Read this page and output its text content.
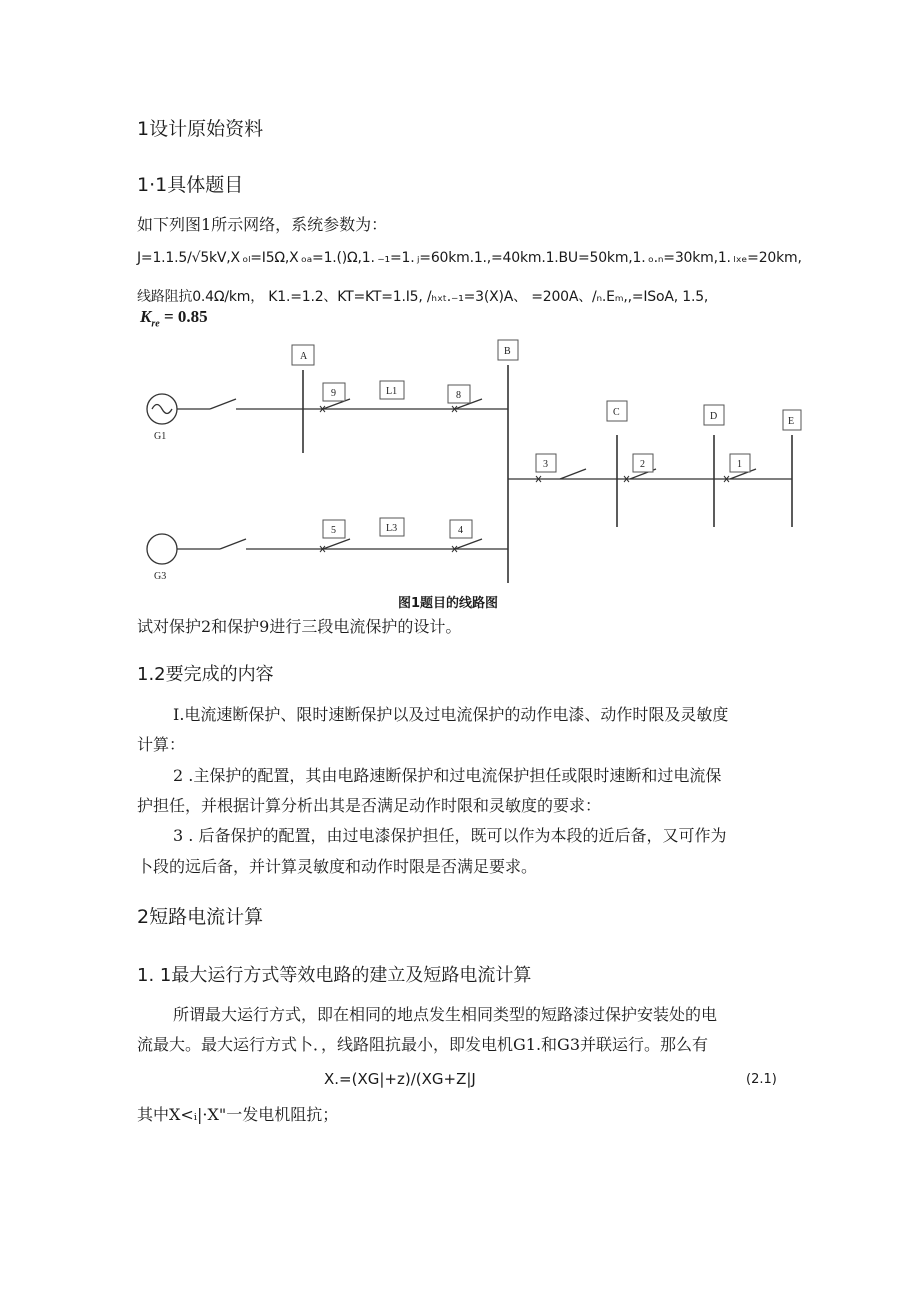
1设计原始资料
1·1具体题目
如下列图1所示网络，系统参数为：
J=1.1.5/√5kV,X ₒₗ=I5Ω,X ₒₐ=1.()Ω,1. ₋₁=1. ⱼ=60km.1.,=40km.1.BU=50km,1. ₒ.ₙ=30km,1. ₗₓₑ=20km,
线路阻抗0.4Ω/km， K1.=1.2、KT=KT=1.I5, /ₕₓₜ.₋₁=3(X)A、 =200A、/ₙ.Eₘ,,=ISoA, 1.5,
$K_{re} = 0.85$
A	B
C	D	E
9	8
3	2	1
5	4
L1
L3
G1
G3
图1题目的线路图
试对保护2和保护9进行三段电流保护的设计。
1.2要完成的内容
I.电流速断保护、限时速断保护以及过电流保护的动作电漆、动作时限及灵敏度
计算：
2 .主保护的配置，其由电路速断保护和过电流保护担任或限时速断和过电流保
护担任，并根据计算分析出其是否满足动作时限和灵敏度的要求：
3 . 后备保护的配置，由过电漆保护担任，既可以作为本段的近后备，又可作为
卜段的远后备，并计算灵敏度和动作时限是否满足要求。
2短路电流计算
1. 1最大运行方式等效电路的建立及短路电流计算
所谓最大运行方式，即在相同的地点发生相同类型的短路漆过保护安装处的电
流最大。最大运行方式卜．，线路阻抗最小，即发电机G1.和G3并联运行。那么有
X.=(XG|+z)/(XG+Z|J	(2.1)
其中X<ᵢ|·X"一发电机阻抗；
